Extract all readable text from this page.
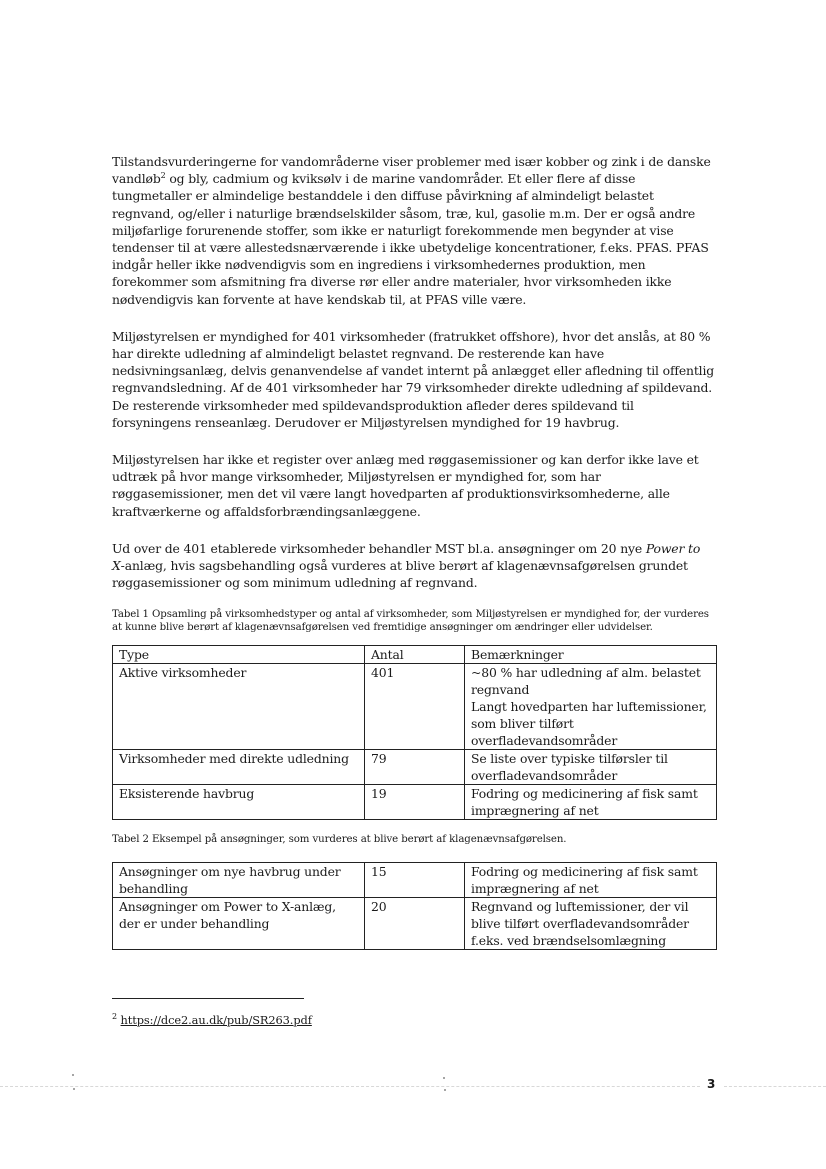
Tilstandsvurderingerne for vandområderne viser problemer med især kobber og zink i de danske vandløb$^2$ og bly, cadmium og kviksølv i de marine vandområder. Et eller flere af disse tungmetaller er almindelige bestanddele i den diffuse påvirkning af almindeligt belastet regnvand, og/eller i naturlige brændselskilder såsom, træ, kul, gasolie m.m. Der er også andre miljøfarlige forurenende stoffer, som ikke er naturligt forekommende men begynder at vise tendenser til at være allestedsnærværende i ikke ubetydelige koncentrationer, f.eks. PFAS. PFAS indgår heller ikke nødvendigvis som en ingrediens i virksomhedernes produktion, men forekommer som afsmitning fra diverse rør eller andre materialer, hvor virksomheden ikke nødvendigvis kan forvente at have kendskab til, at PFAS ville være.

Miljøstyrelsen er myndighed for 401 virksomheder (fratrukket offshore), hvor det anslås, at 80 % har direkte udledning af almindeligt belastet regnvand. De resterende kan have nedsivningsanlæg, delvis genanvendelse af vandet internt på anlægget eller afledning til offentlig regnvandsledning. Af de 401 virksomheder har 79 virksomheder direkte udledning af spildevand. De resterende virksomheder med spildevandsproduktion afleder deres spildevand til forsyningens renseanlæg. Derudover er Miljøstyrelsen myndighed for 19 havbrug.

Miljøstyrelsen har ikke et register over anlæg med røggasemissioner og kan derfor ikke lave et udtræk på hvor mange virksomheder, Miljøstyrelsen er myndighed for, som har røggasemissioner, men det vil være langt hovedparten af produktionsvirksomhederne, alle kraftværkerne og affaldsforbrændingsanlæggene.

Ud over de 401 etablerede virksomheder behandler MST bl.a. ansøgninger om 20 nye Power to X-anlæg, hvis sagsbehandling også vurderes at blive berørt af klagenævnsafgørelsen grundet røggasemissioner og som minimum udledning af regnvand.

Tabel 1 Opsamling på virksomhedstyper og antal af virksomheder, som Miljøstyrelsen er myndighed for, der vurderes at kunne blive berørt af klagenævnsafgørelsen ved fremtidige ansøgninger om ændringer eller udvidelser.
Type	Antal	Bemærkninger
Aktive virksomheder	401	~80 % har udledning af alm. belastet regnvand
Langt hovedparten har luftemissioner, som bliver tilført overfladevandsområder

Virksomheder med direkte udledning	79	Se liste over typiske tilførsler til overfladevandsområder

Eksisterende havbrug	19	Fodring og medicinering af fisk samt imprægnering af net
Tabel 2 Eksempel på ansøgninger, som vurderes at blive berørt af klagenævnsafgørelsen.
Ansøgninger om nye havbrug under behandling	15	Fodring og medicinering af fisk samt imprægnering af net
Ansøgninger om Power to X-anlæg, der er under behandling	20	Regnvand og luftemissioner, der vil blive tilført overfladevandsområder f.eks. ved brændselsomlægning
$^2$ https://dce2.au.dk/pub/SR263.pdf
3
